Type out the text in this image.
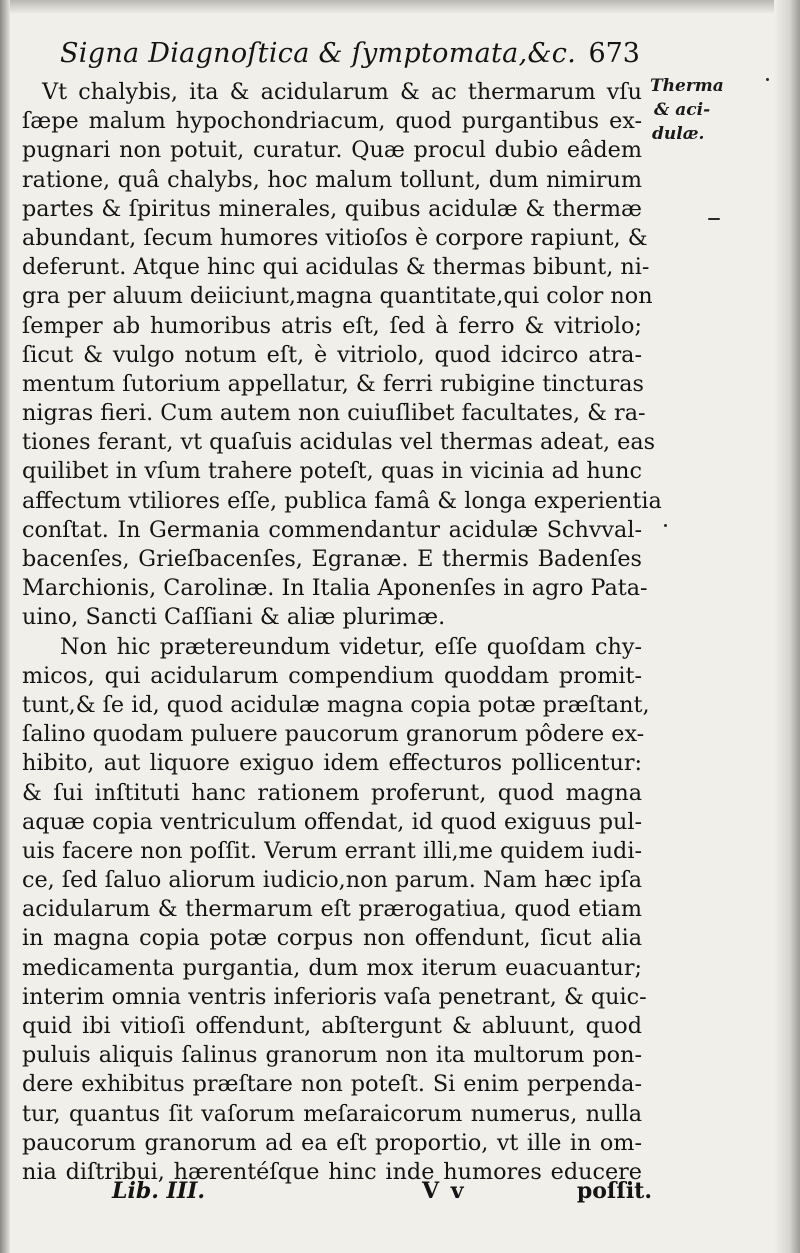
Signa Diagnoſtica & ſymptomata,&c. 673
Therma
& aci-
dulæ.
Vt chalybis, ita & acidularum & ac thermarum vſu
ſæpe malum hypochondriacum, quod purgantibus ex-
pugnari non potuit, curatur. Quæ procul dubio eâdem
ratione, quâ chalybs, hoc malum tollunt, dum nimirum
partes & ſpiritus minerales, quibus acidulæ & thermæ
abundant, ſecum humores vitioſos è corpore rapiunt, &
deferunt. Atque hinc qui acidulas & thermas bibunt, ni-
gra per aluum deiiciunt,magna quantitate,qui color non
ſemper ab humoribus atris eſt, ſed à ferro & vitriolo;
ſicut & vulgo notum eſt, è vitriolo, quod idcirco atra-
mentum ſutorium appellatur, & ferri rubigine tincturas
nigras fieri. Cum autem non cuiuſlibet facultates, & ra-
tiones ferant, vt quaſuis acidulas vel thermas adeat, eas
quilibet in vſum trahere poteſt, quas in vicinia ad hunc
affectum vtiliores eſſe, publica famâ & longa experientia
conſtat. In Germania commendantur acidulæ Schvval-
bacenſes, Grieſbacenſes, Egranæ. E thermis Badenſes
Marchionis, Carolinæ. In Italia Aponenſes in agro Pata-
uino, Sancti Caſſiani & aliæ plurimæ.
Non hic prætereundum videtur, eſſe quoſdam chy-
micos, qui acidularum compendium quoddam promit-
tunt,& ſe id, quod acidulæ magna copia potæ præſtant,
ſalino quodam puluere paucorum granorum pôdere ex-
hibito, aut liquore exiguo idem effecturos pollicentur:
& ſui inſtituti hanc rationem proferunt, quod magna
aquæ copia ventriculum offendat, id quod exiguus pul-
uis facere non poſſit. Verum errant illi,me quidem iudi-
ce, ſed ſaluo aliorum iudicio,non parum. Nam hæc ipſa
acidularum & thermarum eſt prærogatiua, quod etiam
in magna copia potæ corpus non offendunt, ſicut alia
medicamenta purgantia, dum mox iterum euacuantur;
interim omnia ventris inferioris vaſa penetrant, & quic-
quid ibi vitioſi offendunt, abſtergunt & abluunt, quod
puluis aliquis ſalinus granorum non ita multorum pon-
dere exhibitus præſtare non poteſt. Si enim perpenda-
tur, quantus ſit vaſorum meſaraicorum numerus, nulla
paucorum granorum ad ea eſt proportio, vt ille in om-
nia diſtribui, hærentéſque hinc inde humores educere
Lib. III.	V v	poſſit.
